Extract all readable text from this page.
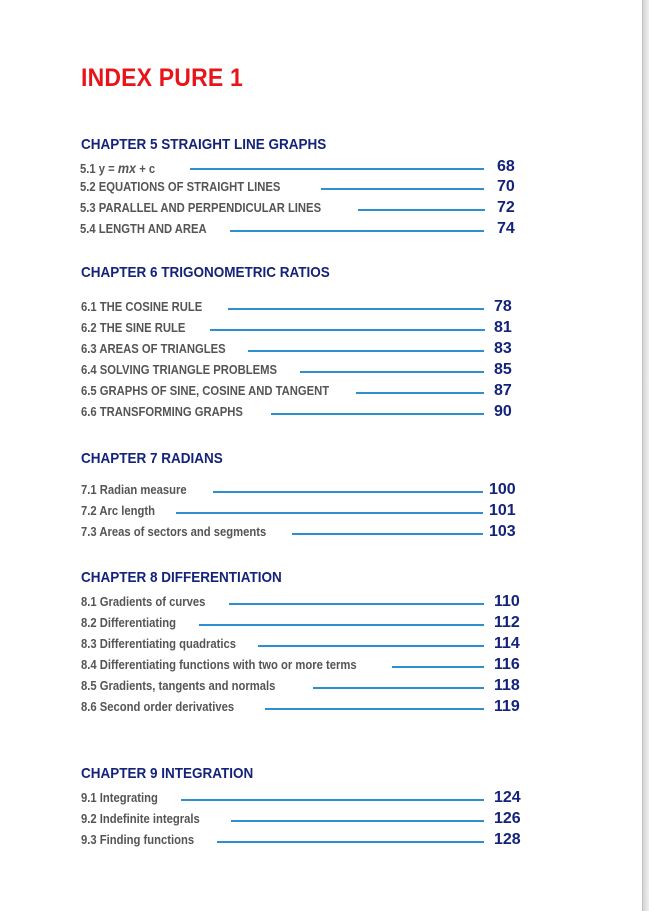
INDEX PURE 1
CHAPTER 5 STRAIGHT LINE GRAPHS
5.1 y = mx + c	68
5.2 EQUATIONS OF STRAIGHT LINES	70
5.3 PARALLEL AND PERPENDICULAR LINES	72
5.4 LENGTH AND AREA	74
CHAPTER 6 TRIGONOMETRIC RATIOS
6.1 THE COSINE RULE	78
6.2 THE SINE RULE	81
6.3 AREAS OF TRIANGLES	83
6.4 SOLVING TRIANGLE PROBLEMS	85
6.5 GRAPHS OF SINE, COSINE AND TANGENT	87
6.6 TRANSFORMING GRAPHS	90
CHAPTER 7 RADIANS
7.1 Radian measure	100
7.2 Arc length	101
7.3 Areas of sectors and segments	103
CHAPTER 8 DIFFERENTIATION
8.1 Gradients of curves	110
8.2 Differentiating	112
8.3 Differentiating quadratics	114
8.4 Differentiating functions with two or more terms	116
8.5 Gradients, tangents and normals	118
8.6 Second order derivatives	119
CHAPTER 9 INTEGRATION
9.1 Integrating	124
9.2 Indefinite integrals	126
9.3 Finding functions	128
